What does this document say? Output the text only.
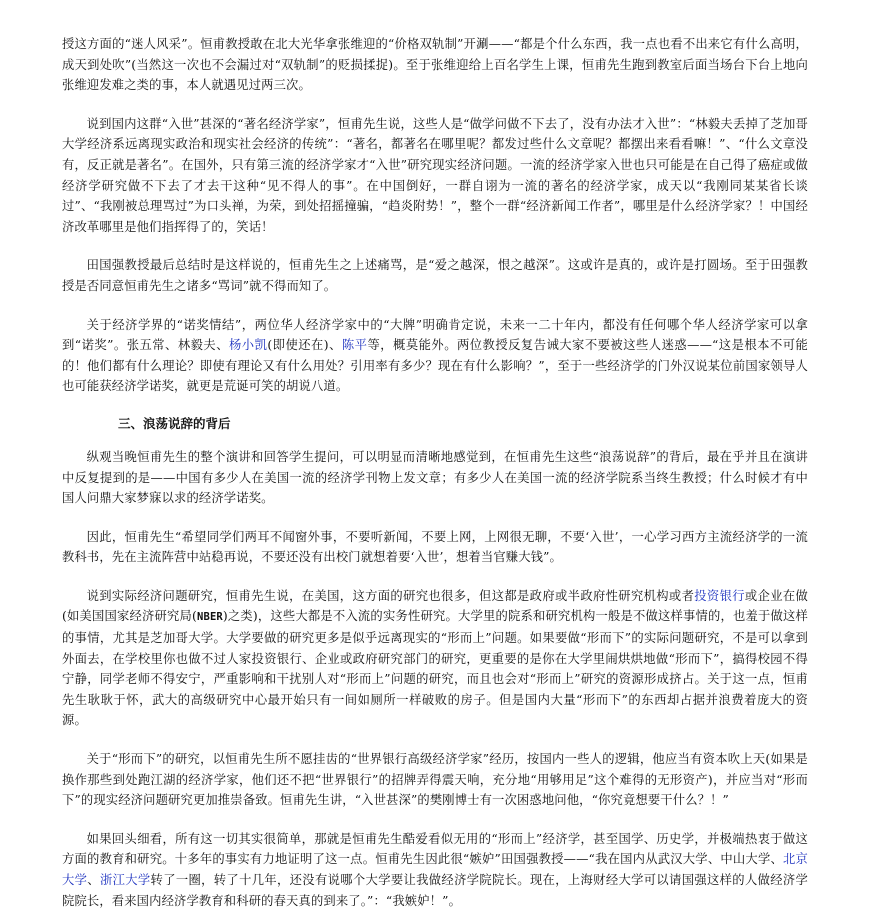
授这方面的“迷人风采”。恒甫教授敢在北大光华拿张维迎的“价格双轨制”开涮——“都是个什么东西，我一点也看不出来它有什么高明，成天到处吹”(当然这一次也不会漏过对“双轨制”的贬损揉捉)。至于张维迎给上百名学生上课，恒甫先生跑到教室后面当场台下台上地向张维迎发难之类的事，本人就遇见过两三次。

说到国内这群“入世”甚深的“著名经济学家”，恒甫先生说，这些人是“做学问做不下去了，没有办法才入世”：“林毅夫丢掉了芝加哥大学经济系远离现实政治和现实社会经济的传统”：“著名，都著名在哪里呢？都发过些什么文章呢？都摆出来看看嘛！”、“什么文章没有，反正就是著名”。在国外，只有第三流的经济学家才“入世”研究现实经济问题。一流的经济学家入世也只可能是在自己得了癌症或做经济学研究做不下去了才去干这种“见不得人的事”。在中国倒好，一群自诩为一流的著名的经济学家，成天以“我刚同某某省长谈过”、“我刚被总理骂过”为口头禅，为荣，到处招摇撞骗，“趋炎附势！”，整个一群“经济新闻工作者”，哪里是什么经济学家？！中国经济改革哪里是他们指挥得了的，笑话！

田国强教授最后总结时是这样说的，恒甫先生之上述痛骂，是“爱之越深，恨之越深”。这或许是真的，或许是打圆场。至于田强教授是否同意恒甫先生之诸多“骂词”就不得而知了。

关于经济学界的“诺奖情结”，两位华人经济学家中的“大牌”明确肯定说，未来一二十年内，都没有任何哪个华人经济学家可以拿到“诺奖”。张五常、林毅夫、杨小凯(即使还在)、陈平等，概莫能外。两位教授反复告诫大家不要被这些人迷惑——“这是根本不可能的！他们都有什么理论？即使有理论又有什么用处？引用率有多少？现在有什么影响？”，至于一些经济学的门外汉说某位前国家领导人也可能获经济学诺奖，就更是荒诞可笑的胡说八道。

三、浪荡说辞的背后

纵观当晚恒甫先生的整个演讲和回答学生提问，可以明显而清晰地感觉到，在恒甫先生这些“浪荡说辞”的背后，最在乎并且在演讲中反复提到的是——中国有多少人在美国一流的经济学刊物上发文章；有多少人在美国一流的经济学院系当终生教授；什么时候才有中国人问鼎大家梦寐以求的经济学诺奖。

因此，恒甫先生“希望同学们两耳不闻窗外事，不要听新闻，不要上网，上网很无聊，不要‘入世’，一心学习西方主流经济学的一流教科书，先在主流阵营中站稳再说，不要还没有出校门就想着要‘入世’，想着当官赚大钱”。

说到实际经济问题研究，恒甫先生说，在美国，这方面的研究也很多，但这都是政府或半政府性研究机构或者投资银行或企业在做(如美国国家经济研究局(NBER)之类)，这些大都是不入流的实务性研究。大学里的院系和研究机构一般是不做这样事情的，也羞于做这样的事情，尤其是芝加哥大学。大学要做的研究更多是似乎远离现实的“形而上”问题。如果要做“形而下”的实际问题研究，不是可以拿到外面去，在学校里你也做不过人家投资银行、企业或政府研究部门的研究，更重要的是你在大学里闹烘烘地做“形而下”，搞得校园不得宁静，同学老师不得安宁，严重影响和干扰别人对“形而上”问题的研究，而且也会对“形而上”研究的资源形成挤占。关于这一点，恒甫先生耿耿于怀，武大的高级研究中心最开始只有一间如厕所一样破败的房子。但是国内大量“形而下”的东西却占据并浪费着庞大的资源。

关于“形而下”的研究，以恒甫先生所不愿挂齿的“世界银行高级经济学家”经历，按国内一些人的逻辑，他应当有资本吹上天(如果是换作那些到处跑江湖的经济学家，他们还不把“世界银行”的招牌弄得震天响，充分地“用够用足”这个难得的无形资产)，并应当对“形而下”的现实经济问题研究更加推崇备致。恒甫先生讲，“入世甚深”的樊刚博士有一次困惑地问他，“你究竟想要干什么？！”

如果回头细看，所有这一切其实很简单，那就是恒甫先生酷爱看似无用的“形而上”经济学，甚至国学、历史学，并极端热衷于做这方面的教育和研究。十多年的事实有力地证明了这一点。恒甫先生因此很“嫉妒”田国强教授——“我在国内从武汉大学、中山大学、北京大学、浙江大学转了一圈，转了十几年，还没有说哪个大学要让我做经济学院院长。现在，上海财经大学可以请国强这样的人做经济学院院长，看来国内经济学教育和科研的春天真的到来了。”：“我嫉妒！”。
